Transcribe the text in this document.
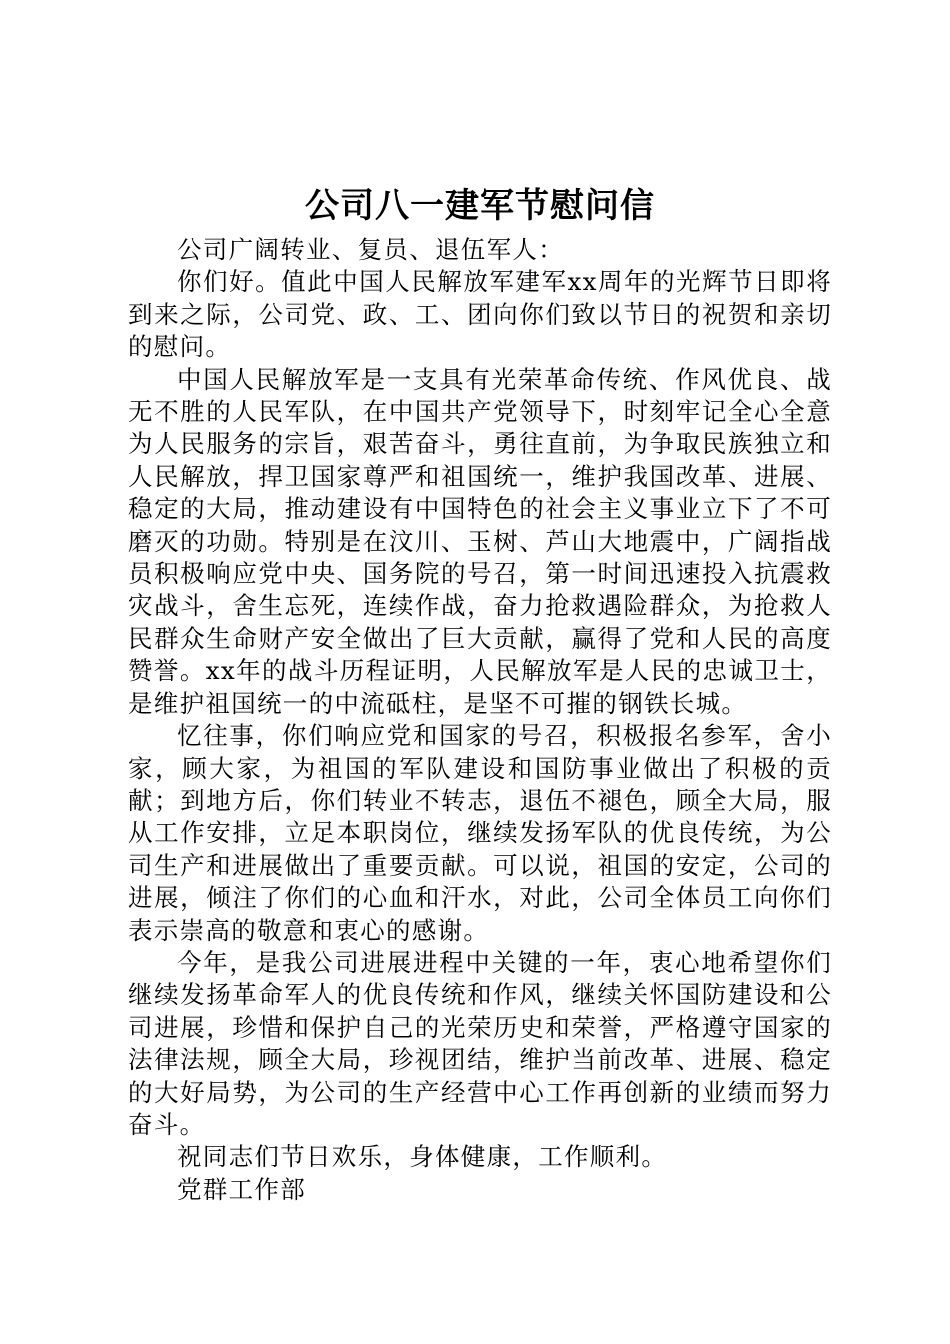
公司八一建军节慰问信

公司广阔转业、复员、退伍军人：

你们好。值此中国人民解放军建军xx周年的光辉节日即将到来之际，公司党、政、工、团向你们致以节日的祝贺和亲切的慰问。

中国人民解放军是一支具有光荣革命传统、作风优良、战无不胜的人民军队，在中国共产党领导下，时刻牢记全心全意为人民服务的宗旨，艰苦奋斗，勇往直前，为争取民族独立和人民解放，捍卫国家尊严和祖国统一，维护我国改革、进展、稳定的大局，推动建设有中国特色的社会主义事业立下了不可磨灭的功勋。特别是在汶川、玉树、芦山大地震中，广阔指战员积极响应党中央、国务院的号召，第一时间迅速投入抗震救灾战斗，舍生忘死，连续作战，奋力抢救遇险群众，为抢救人民群众生命财产安全做出了巨大贡献，赢得了党和人民的高度赞誉。xx年的战斗历程证明，人民解放军是人民的忠诚卫士，是维护祖国统一的中流砥柱，是坚不可摧的钢铁长城。

忆往事，你们响应党和国家的号召，积极报名参军，舍小家，顾大家，为祖国的军队建设和国防事业做出了积极的贡献；到地方后，你们转业不转志，退伍不褪色，顾全大局，服从工作安排，立足本职岗位，继续发扬军队的优良传统，为公司生产和进展做出了重要贡献。可以说，祖国的安定，公司的进展，倾注了你们的心血和汗水，对此，公司全体员工向你们表示崇高的敬意和衷心的感谢。

今年，是我公司进展进程中关键的一年，衷心地希望你们继续发扬革命军人的优良传统和作风，继续关怀国防建设和公司进展，珍惜和保护自己的光荣历史和荣誉，严格遵守国家的法律法规，顾全大局，珍视团结，维护当前改革、进展、稳定的大好局势，为公司的生产经营中心工作再创新的业绩而努力奋斗。

祝同志们节日欢乐，身体健康，工作顺利。

党群工作部
